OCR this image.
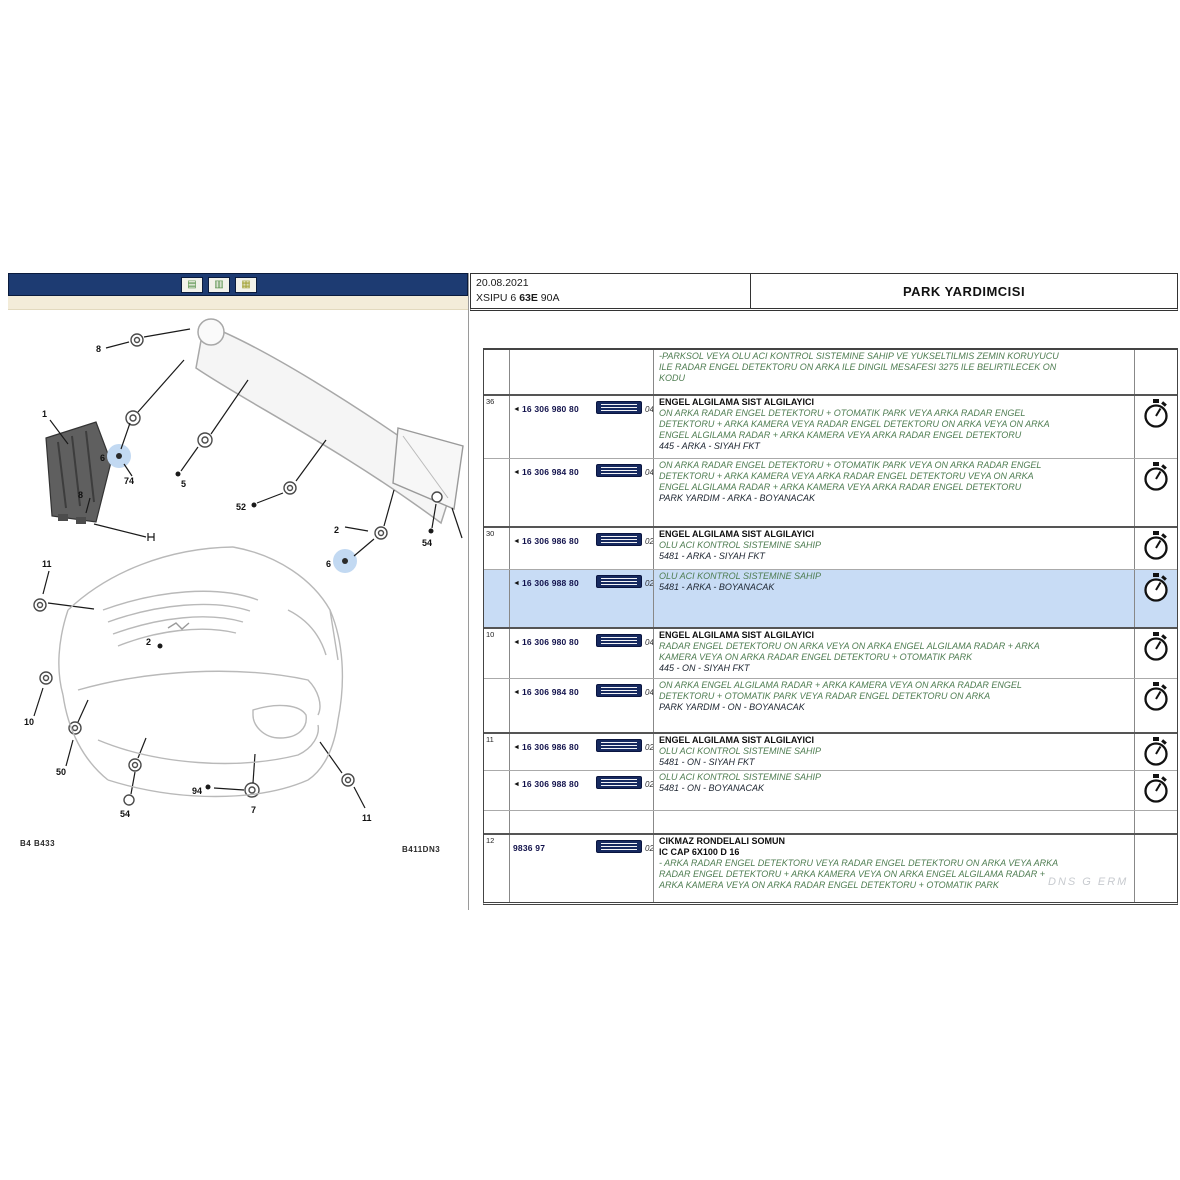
▤	▥	▦
8
1
6
74
8
5
52
2
54
6
11
2
10
50
54
94
7
11
B4 B433
B411DN3
20.08.2021
XSIPU 6 63E 90A	PARK YARDIMCISI
-PARKSOL VEYA OLU ACI KONTROL SISTEMINE SAHIP VE YUKSELTILMIS ZEMIN KORUYUCU
ILE RADAR ENGEL DETEKTORU ON ARKA ILE DINGIL MESAFESI 3275 ILE BELIRTILECEK ON
KODU
36
◄ 16 306 980 80	04
ENGEL ALGILAMA SIST ALGILAYICI
ON ARKA RADAR ENGEL DETEKTORU + OTOMATIK PARK VEYA ARKA RADAR ENGEL
DETEKTORU + ARKA KAMERA VEYA RADAR ENGEL DETEKTORU ON ARKA VEYA ON ARKA
ENGEL ALGILAMA RADAR + ARKA KAMERA VEYA ARKA RADAR ENGEL DETEKTORU
445 - ARKA - SIYAH FKT
◄ 16 306 984 80	04
ON ARKA RADAR ENGEL DETEKTORU + OTOMATIK PARK VEYA ON ARKA RADAR ENGEL
DETEKTORU + ARKA KAMERA VEYA ARKA RADAR ENGEL DETEKTORU VEYA ON ARKA
ENGEL ALGILAMA RADAR + ARKA KAMERA VEYA ARKA RADAR ENGEL DETEKTORU
PARK YARDIM - ARKA - BOYANACAK
30
◄ 16 306 986 80	02
ENGEL ALGILAMA SIST ALGILAYICI
OLU ACI KONTROL SISTEMINE SAHIP
5481 - ARKA - SIYAH FKT
◄ 16 306 988 80	02
OLU ACI KONTROL SISTEMINE SAHIP
5481 - ARKA - BOYANACAK
10
◄ 16 306 980 80	04
ENGEL ALGILAMA SIST ALGILAYICI
RADAR ENGEL DETEKTORU ON ARKA VEYA ON ARKA ENGEL ALGILAMA RADAR + ARKA
KAMERA VEYA ON ARKA RADAR ENGEL DETEKTORU + OTOMATIK PARK
445 - ON - SIYAH FKT
◄ 16 306 984 80	04
ON ARKA ENGEL ALGILAMA RADAR + ARKA KAMERA VEYA ON ARKA RADAR ENGEL
DETEKTORU + OTOMATIK PARK VEYA RADAR ENGEL DETEKTORU ON ARKA
PARK YARDIM - ON - BOYANACAK
11
◄ 16 306 986 80	02
ENGEL ALGILAMA SIST ALGILAYICI
OLU ACI KONTROL SISTEMINE SAHIP
5481 - ON - SIYAH FKT
◄ 16 306 988 80	02
OLU ACI KONTROL SISTEMINE SAHIP
5481 - ON - BOYANACAK
12
9836 97	02
CIKMAZ RONDELALI SOMUN
IC CAP 6X100 D 16
- ARKA RADAR ENGEL DETEKTORU VEYA RADAR ENGEL DETEKTORU ON ARKA VEYA ARKA
RADAR ENGEL DETEKTORU + ARKA KAMERA VEYA ON ARKA ENGEL ALGILAMA RADAR +
ARKA KAMERA VEYA ON ARKA RADAR ENGEL DETEKTORU + OTOMATIK PARK	DNS G ERM
